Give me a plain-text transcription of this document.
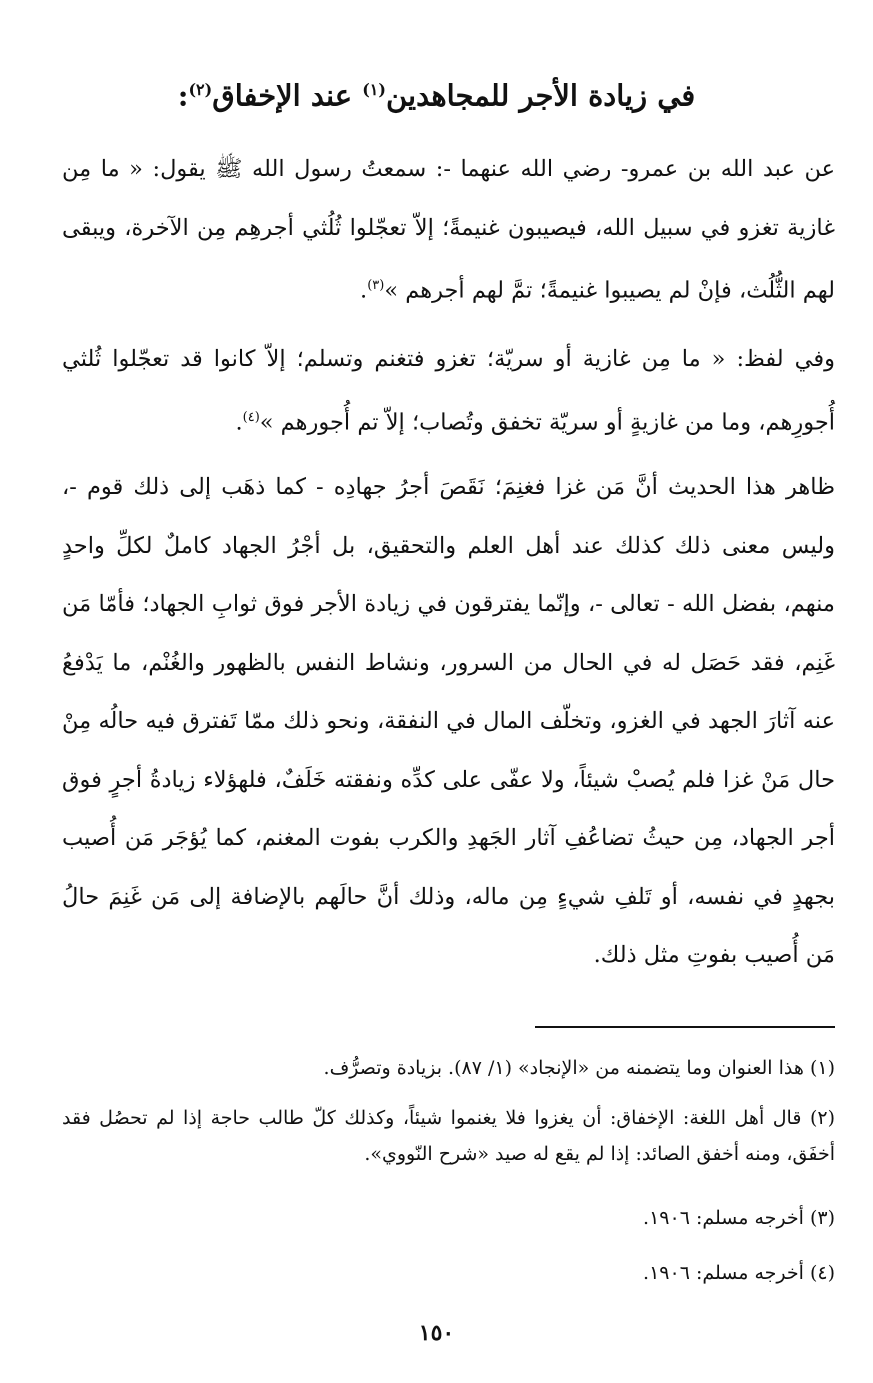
في زيادة الأجر للمجاهدين$^{(١)}$ عند الإخفاق$^{(٢)}$:

عن عبد الله بن عمرو- رضي الله عنهما -: سمعتُ رسول الله ﷺ يقول: « ما مِن غازية تغزو في سبيل الله، فيصيبون غنيمةً؛ إلاّ تعجّلوا ثُلُثي أجرهِم مِن الآخرة، ويبقى لهم الثُّلُث، فإنْ لم يصيبوا غنيمةً؛ تمَّ لهم أجرهم »$^{(٣)}$.

وفي لفظ: « ما مِن غازية أو سريّة؛ تغزو فتغنم وتسلم؛ إلاّ كانوا قد تعجّلوا ثُلثي أُجورِهم، وما من غازيةٍ أو سريّة تخفق وتُصاب؛ إلاّ تم أُجورهم »$^{(٤)}$.

ظاهر هذا الحديث أنَّ مَن غزا فغنِمَ؛ نَقَصَ أجرُ جهادِه - كما ذهَب إلى ذلك قوم -، وليس معنى ذلك كذلك عند أهل العلم والتحقيق، بل أجْرُ الجهاد كاملٌ لكلِّ واحدٍ منهم، بفضل الله - تعالى -، وإنّما يفترقون في زيادة الأجر فوق ثوابِ الجهاد؛ فأمّا مَن غَنِم، فقد حَصَل له في الحال من السرور، ونشاط النفس بالظهور والغُنْم، ما يَدْفعُ عنه آثارَ الجهد في الغزو، وتخلّف المال في النفقة، ونحو ذلك ممّا تَفترق فيه حالُه مِنْ حال مَنْ غزا فلم يُصبْ شيئاً، ولا عفّى على كدِّه ونفقته خَلَفٌ، فلهؤلاء زيادةُ أجرٍ فوق أجر الجهاد، مِن حيثُ تضاعُفِ آثار الجَهدِ والكرب بفوت المغنم، كما يُؤجَر مَن أُصيب بجهدٍ في نفسه، أو تَلفِ شيءٍ مِن ماله، وذلك أنَّ حالَهم بالإضافة إلى مَن غَنِمَ حالُ مَن أُصيب بفوتِ مثل ذلك.

(١) هذا العنوان وما يتضمنه من «الإنجاد» (١/ ٨٧). بزيادة وتصرُّف.
(٢) قال أهل اللغة: الإخفاق: أن يغزوا فلا يغنموا شيئاً، وكذلك كلّ طالب حاجة إذا لم تحصُل فقد أخفَق، ومنه أخفق الصائد: إذا لم يقع له صيد «شرح النّووي».
(٣) أخرجه مسلم: ١٩٠٦.
(٤) أخرجه مسلم: ١٩٠٦.
١٥٠
